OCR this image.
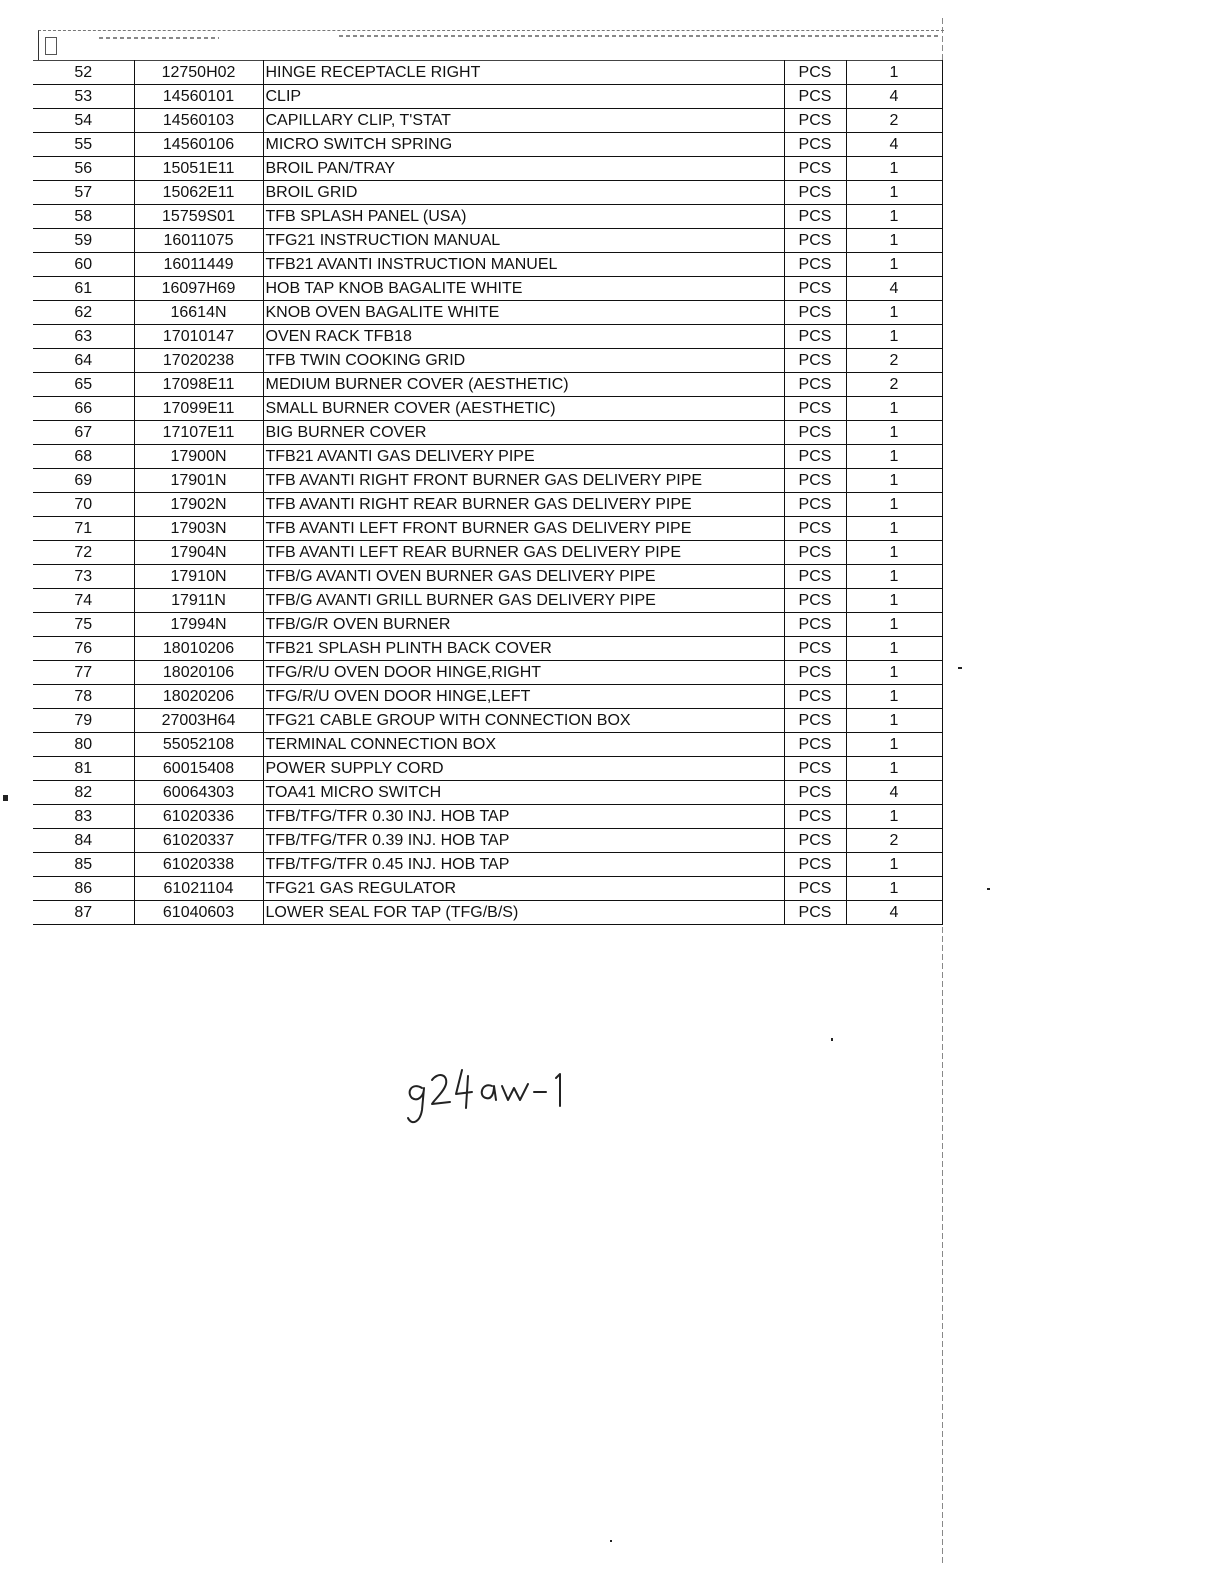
52	12750H02	HINGE RECEPTACLE RIGHT	PCS	1
53	14560101	CLIP	PCS	4
54	14560103	CAPILLARY CLIP, T'STAT	PCS	2
55	14560106	MICRO SWITCH SPRING	PCS	4
56	15051E11	BROIL PAN/TRAY	PCS	1
57	15062E11	BROIL GRID	PCS	1
58	15759S01	TFB SPLASH PANEL (USA)	PCS	1
59	16011075	TFG21 INSTRUCTION MANUAL	PCS	1
60	16011449	TFB21 AVANTI INSTRUCTION MANUEL	PCS	1
61	16097H69	HOB TAP KNOB BAGALITE WHITE	PCS	4
62	16614N	KNOB OVEN BAGALITE WHITE	PCS	1
63	17010147	OVEN RACK TFB18	PCS	1
64	17020238	TFB TWIN COOKING GRID	PCS	2
65	17098E11	MEDIUM BURNER COVER (AESTHETIC)	PCS	2
66	17099E11	SMALL BURNER COVER (AESTHETIC)	PCS	1
67	17107E11	BIG BURNER COVER	PCS	1
68	17900N	TFB21 AVANTI GAS DELIVERY PIPE	PCS	1
69	17901N	TFB AVANTI RIGHT FRONT BURNER GAS DELIVERY PIPE	PCS	1
70	17902N	TFB AVANTI RIGHT REAR BURNER GAS DELIVERY PIPE	PCS	1
71	17903N	TFB AVANTI LEFT FRONT BURNER GAS DELIVERY PIPE	PCS	1
72	17904N	TFB AVANTI LEFT REAR BURNER GAS DELIVERY PIPE	PCS	1
73	17910N	TFB/G AVANTI OVEN BURNER GAS DELIVERY PIPE	PCS	1
74	17911N	TFB/G AVANTI GRILL BURNER GAS DELIVERY PIPE	PCS	1
75	17994N	TFB/G/R OVEN BURNER	PCS	1
76	18010206	TFB21 SPLASH PLINTH BACK COVER	PCS	1
77	18020106	TFG/R/U OVEN DOOR HINGE,RIGHT	PCS	1
78	18020206	TFG/R/U OVEN DOOR HINGE,LEFT	PCS	1
79	27003H64	TFG21 CABLE GROUP WITH CONNECTION BOX	PCS	1
80	55052108	TERMINAL CONNECTION BOX	PCS	1
81	60015408	POWER SUPPLY CORD	PCS	1
82	60064303	TOA41 MICRO SWITCH	PCS	4
83	61020336	TFB/TFG/TFR 0.30 INJ. HOB TAP	PCS	1
84	61020337	TFB/TFG/TFR 0.39 INJ. HOB TAP	PCS	2
85	61020338	TFB/TFG/TFR 0.45 INJ. HOB TAP	PCS	1
86	61021104	TFG21 GAS REGULATOR	PCS	1
87	61040603	LOWER SEAL FOR TAP (TFG/B/S)	PCS	4
